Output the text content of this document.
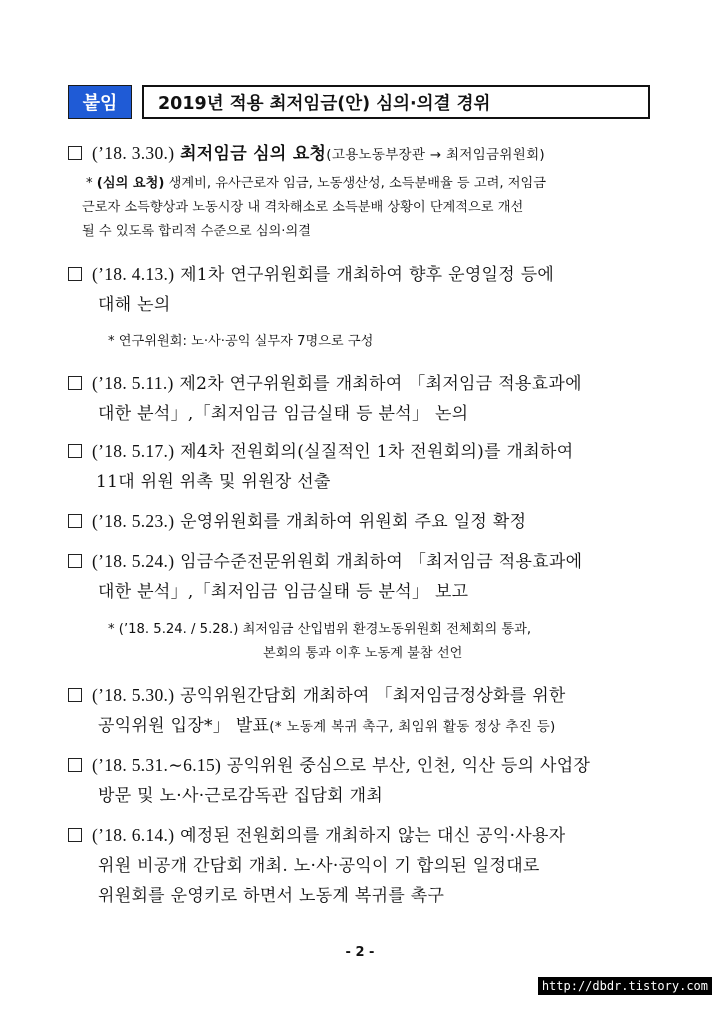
붙임	2019년 적용 최저임금(안) 심의·의결 경위
(’18. 3.30.) 최저임금 심의 요청(고용노동부장관 → 최저임금위원회)
* (심의 요청) 생계비, 유사근로자 임금, 노동생산성, 소득분배율 등 고려, 저임금
근로자 소득향상과 노동시장 내 격차해소로 소득분배 상황이 단계적으로 개선
될 수 있도록 합리적 수준으로 심의·의결
(’18. 4.13.) 제1차 연구위원회를 개최하여 향후 운영일정 등에
대해 논의
* 연구위원회: 노·사·공익 실무자 7명으로 구성
(’18. 5.11.) 제2차 연구위원회를 개최하여 「최저임금 적용효과에
대한 분석」,「최저임금 임금실태 등 분석」 논의
(’18. 5.17.) 제4차 전원회의(실질적인 1차 전원회의)를 개최하여
11대 위원 위촉 및 위원장 선출
(’18. 5.23.) 운영위원회를 개최하여 위원회 주요 일정 확정
(’18. 5.24.) 임금수준전문위원회 개최하여 「최저임금 적용효과에
대한 분석」,「최저임금 임금실태 등 분석」 보고
* (’18. 5.24. / 5.28.) 최저임금 산입범위 환경노동위원회 전체회의 통과,
본회의 통과 이후 노동계 불참 선언
(’18. 5.30.) 공익위원간담회 개최하여 「최저임금정상화를 위한
공익위원 입장*」 발표(* 노동계 복귀 촉구, 최임위 활동 정상 추진 등)
(’18. 5.31.∼6.15) 공익위원 중심으로 부산, 인천, 익산 등의 사업장
방문 및 노·사·근로감독관 집담회 개최
(’18. 6.14.) 예정된 전원회의를 개최하지 않는 대신 공익·사용자
위원 비공개 간담회 개최. 노·사·공익이 기 합의된 일정대로
위원회를 운영키로 하면서 노동계 복귀를 촉구
- 2 -
http://dbdr.tistory.com
